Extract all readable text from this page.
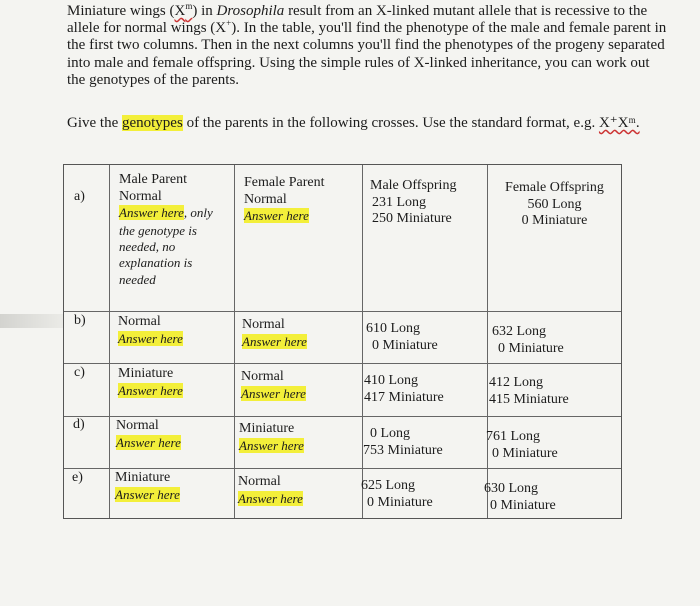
Miniature wings $(X^m)$ in Drosophila result from an X-linked mutant allele that is recessive to the allele for normal wings (X+). In the table, you'll find the phenotype of the male and female parent in the first two columns. Then in the next columns you'll find the phenotypes of the progeny separated into male and female offspring. Using the simple rules of X-linked inheritance, you can work out the genotypes of the parents.

Give the genotypes of the parents in the following crosses. Use the standard format, e.g. X⁺Xᵐ.

a)
Male Parent
Normal
Answer here, only
the genotype is needed, no explanation is needed
Female Parent
Normal
Answer here
Male Offspring
231 Long
250 Miniature
Female Offspring
560 Long
0 Miniature
b) Normal
Answer here
Normal
Answer here
610 Long
0 Miniature
632 Long
0 Miniature
c) Miniature
Answer here
Normal
Answer here
410 Long
417 Miniature
412 Long
415 Miniature
d) Normal
Answer here
Miniature
Answer here
0 Long
753 Miniature
761 Long
0 Miniature
e) Miniature
Answer here
Normal
Answer here
625 Long
0 Miniature
630 Long
0 Miniature
